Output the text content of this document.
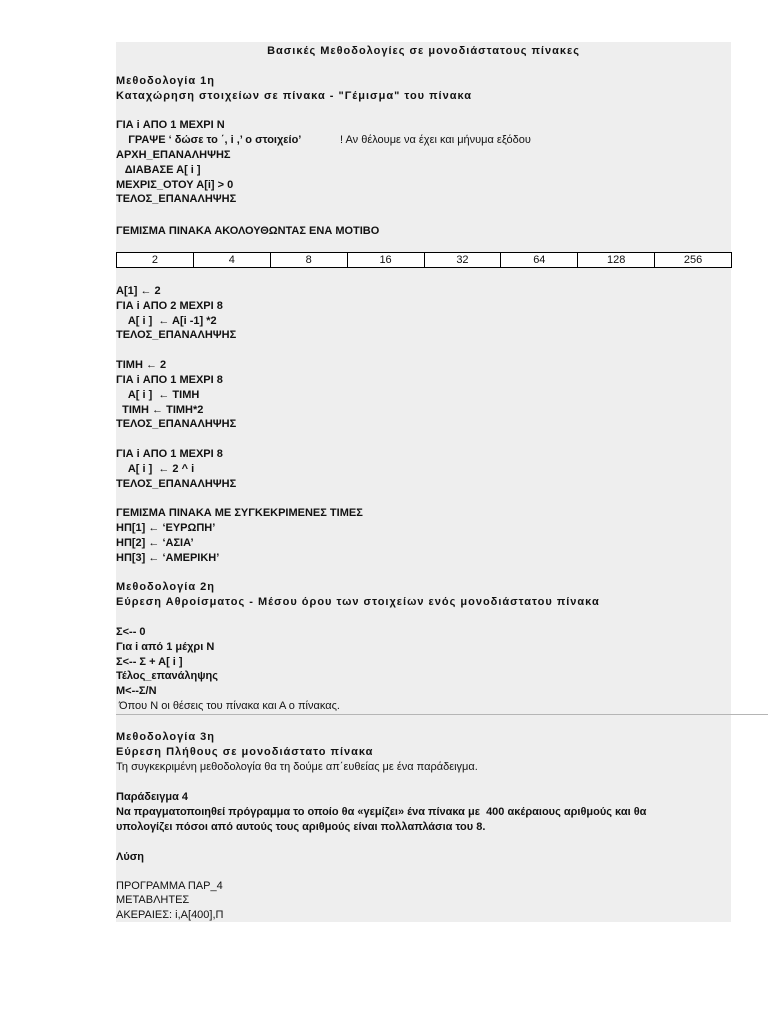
Βασικές Μεθοδολογίες σε μονοδιάστατους πίνακες
Μεθοδολογία 1η
Καταχώρηση στοιχείων σε πίνακα - "Γέμισμα" του πίνακα
ΓΙΑ i ΑΠΟ 1 ΜΕΧΡΙ Ν
ΓΡΑΨΕ ‘ δώσε το ΄, i ,’ ο στοιχείο’	! Αν θέλουμε να έχει και μήνυμα εξόδου
ΑΡΧΗ_ΕΠΑΝΑΛΗΨΗΣ
ΔΙΑΒΑΣΕ Α[ i ]
ΜΕΧΡΙΣ_ΟΤΟΥ Α[i] > 0
ΤΕΛΟΣ_ΕΠΑΝΑΛΗΨΗΣ
ΓΕΜΙΣΜΑ ΠΙΝΑΚΑ ΑΚΟΛΟΥΘΩΝΤΑΣ ΕΝΑ ΜΟΤΙΒΟ
2	4	8	16	32	64	128	256
Α[1] ← 2
ΓΙΑ i ΑΠΟ 2 ΜΕΧΡΙ 8
Α[ i ]  ← Α[i -1] *2
ΤΕΛΟΣ_ΕΠΑΝΑΛΗΨΗΣ
ΤΙΜΗ ← 2
ΓΙΑ i ΑΠΟ 1 ΜΕΧΡΙ 8
Α[ i ]  ← ΤΙΜΗ
ΤΙΜΗ ← ΤΙΜΗ*2
ΤΕΛΟΣ_ΕΠΑΝΑΛΗΨΗΣ
ΓΙΑ i ΑΠΟ 1 ΜΕΧΡΙ 8
Α[ i ]  ← 2 ^ i
ΤΕΛΟΣ_ΕΠΑΝΑΛΗΨΗΣ
ΓΕΜΙΣΜΑ ΠΙΝΑΚΑ ΜΕ ΣΥΓΚΕΚΡΙΜΕΝΕΣ ΤΙΜΕΣ
ΗΠ[1] ← ‘ΕΥΡΩΠΗ’
ΗΠ[2] ← ‘ΑΣΙΑ’
ΗΠ[3] ← ‘ΑΜΕΡΙΚΗ’
Μεθοδολογία 2η
Εύρεση Αθροίσματος - Μέσου όρου των στοιχείων ενός μονοδιάστατου πίνακα
Σ<-- 0
Για i από 1 μέχρι Ν
Σ<-- Σ + Α[ i ]
Τέλος_επανάληψης
Μ<--Σ/Ν
Όπου Ν οι θέσεις του πίνακα και Α ο πίνακας.
Μεθοδολογία 3η
Εύρεση Πλήθους σε μονοδιάστατο πίνακα
Τη συγκεκριμένη μεθοδολογία θα τη δούμε απ΄ευθείας με ένα παράδειγμα.
Παράδειγμα 4
Να πραγματοποιηθεί πρόγραμμα το οποίο θα «γεμίζει» ένα πίνακα με  400 ακέραιους αριθμούς και θα
υπολογίζει πόσοι από αυτούς τους αριθμούς είναι πολλαπλάσια του 8.
Λύση
ΠΡΟΓΡΑΜΜΑ ΠΑΡ_4
ΜΕΤΑΒΛΗΤΕΣ
ΑΚΕΡΑΙΕΣ: i,Α[400],Π
